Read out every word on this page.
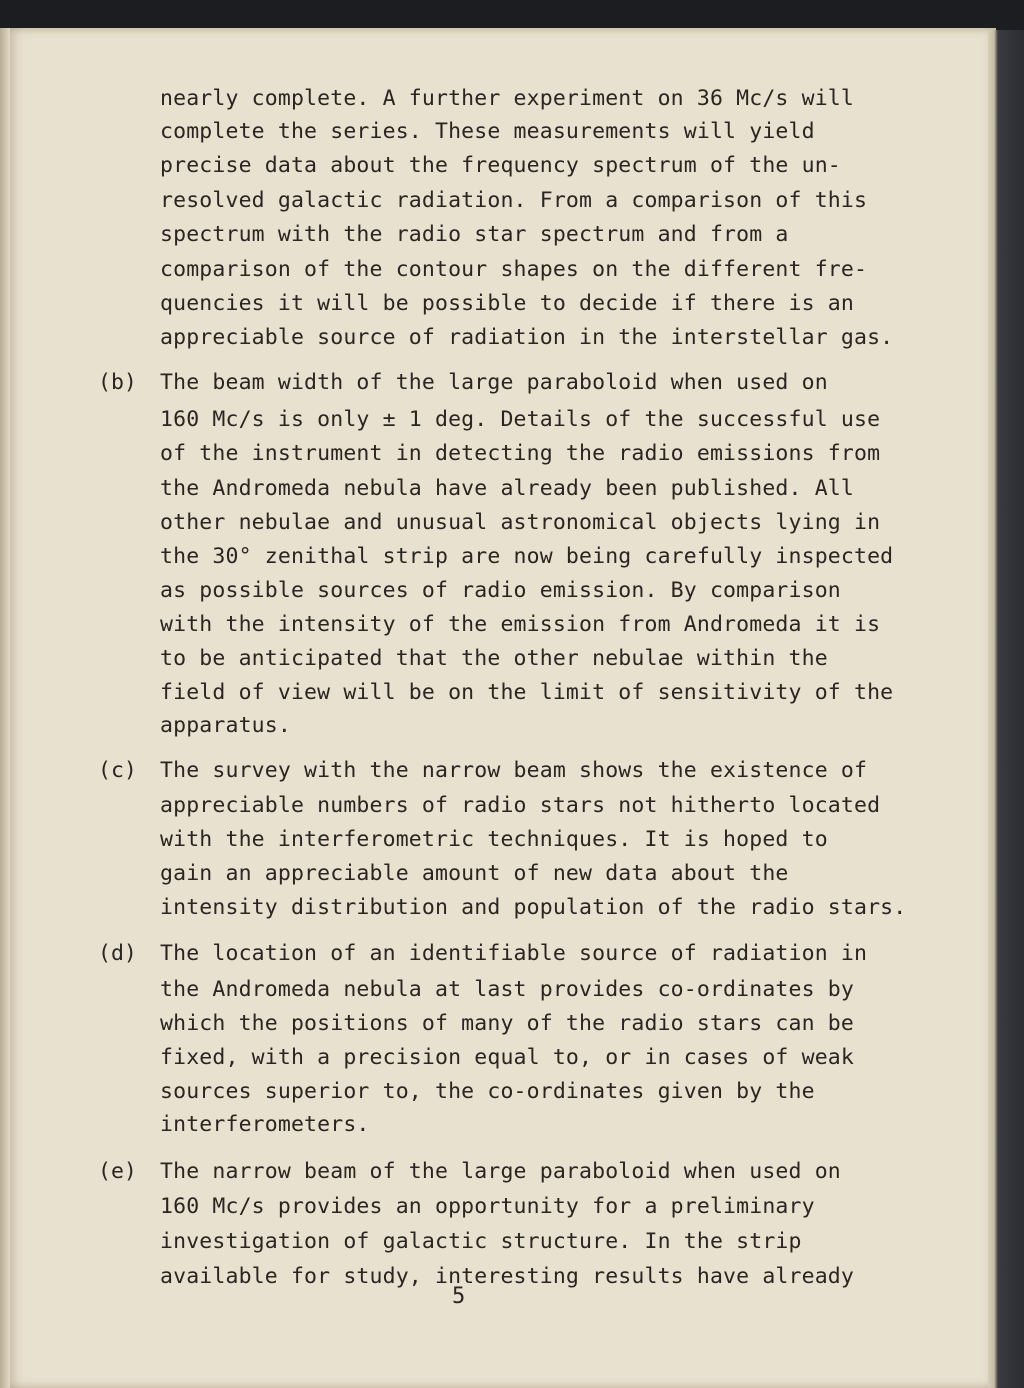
nearly complete. A further experiment on 36 Mc/s will
complete the series. These measurements will yield
precise data about the frequency spectrum of the un-
resolved galactic radiation. From a comparison of this
spectrum with the radio star spectrum and from a
comparison of the contour shapes on the different fre-
quencies it will be possible to decide if there is an
appreciable source of radiation in the interstellar gas.
(b) The beam width of the large paraboloid when used on
160 Mc/s is only ± 1 deg. Details of the successful use
of the instrument in detecting the radio emissions from
the Andromeda nebula have already been published. All
other nebulae and unusual astronomical objects lying in
the 30° zenithal strip are now being carefully inspected
as possible sources of radio emission. By comparison
with the intensity of the emission from Andromeda it is
to be anticipated that the other nebulae within the
field of view will be on the limit of sensitivity of the
apparatus.
(c) The survey with the narrow beam shows the existence of
appreciable numbers of radio stars not hitherto located
with the interferometric techniques. It is hoped to
gain an appreciable amount of new data about the
intensity distribution and population of the radio stars.
(d) The location of an identifiable source of radiation in
the Andromeda nebula at last provides co-ordinates by
which the positions of many of the radio stars can be
fixed, with a precision equal to, or in cases of weak
sources superior to, the co-ordinates given by the
interferometers.
(e) The narrow beam of the large paraboloid when used on
160 Mc/s provides an opportunity for a preliminary
investigation of galactic structure. In the strip
available for study, interesting results have already
5
